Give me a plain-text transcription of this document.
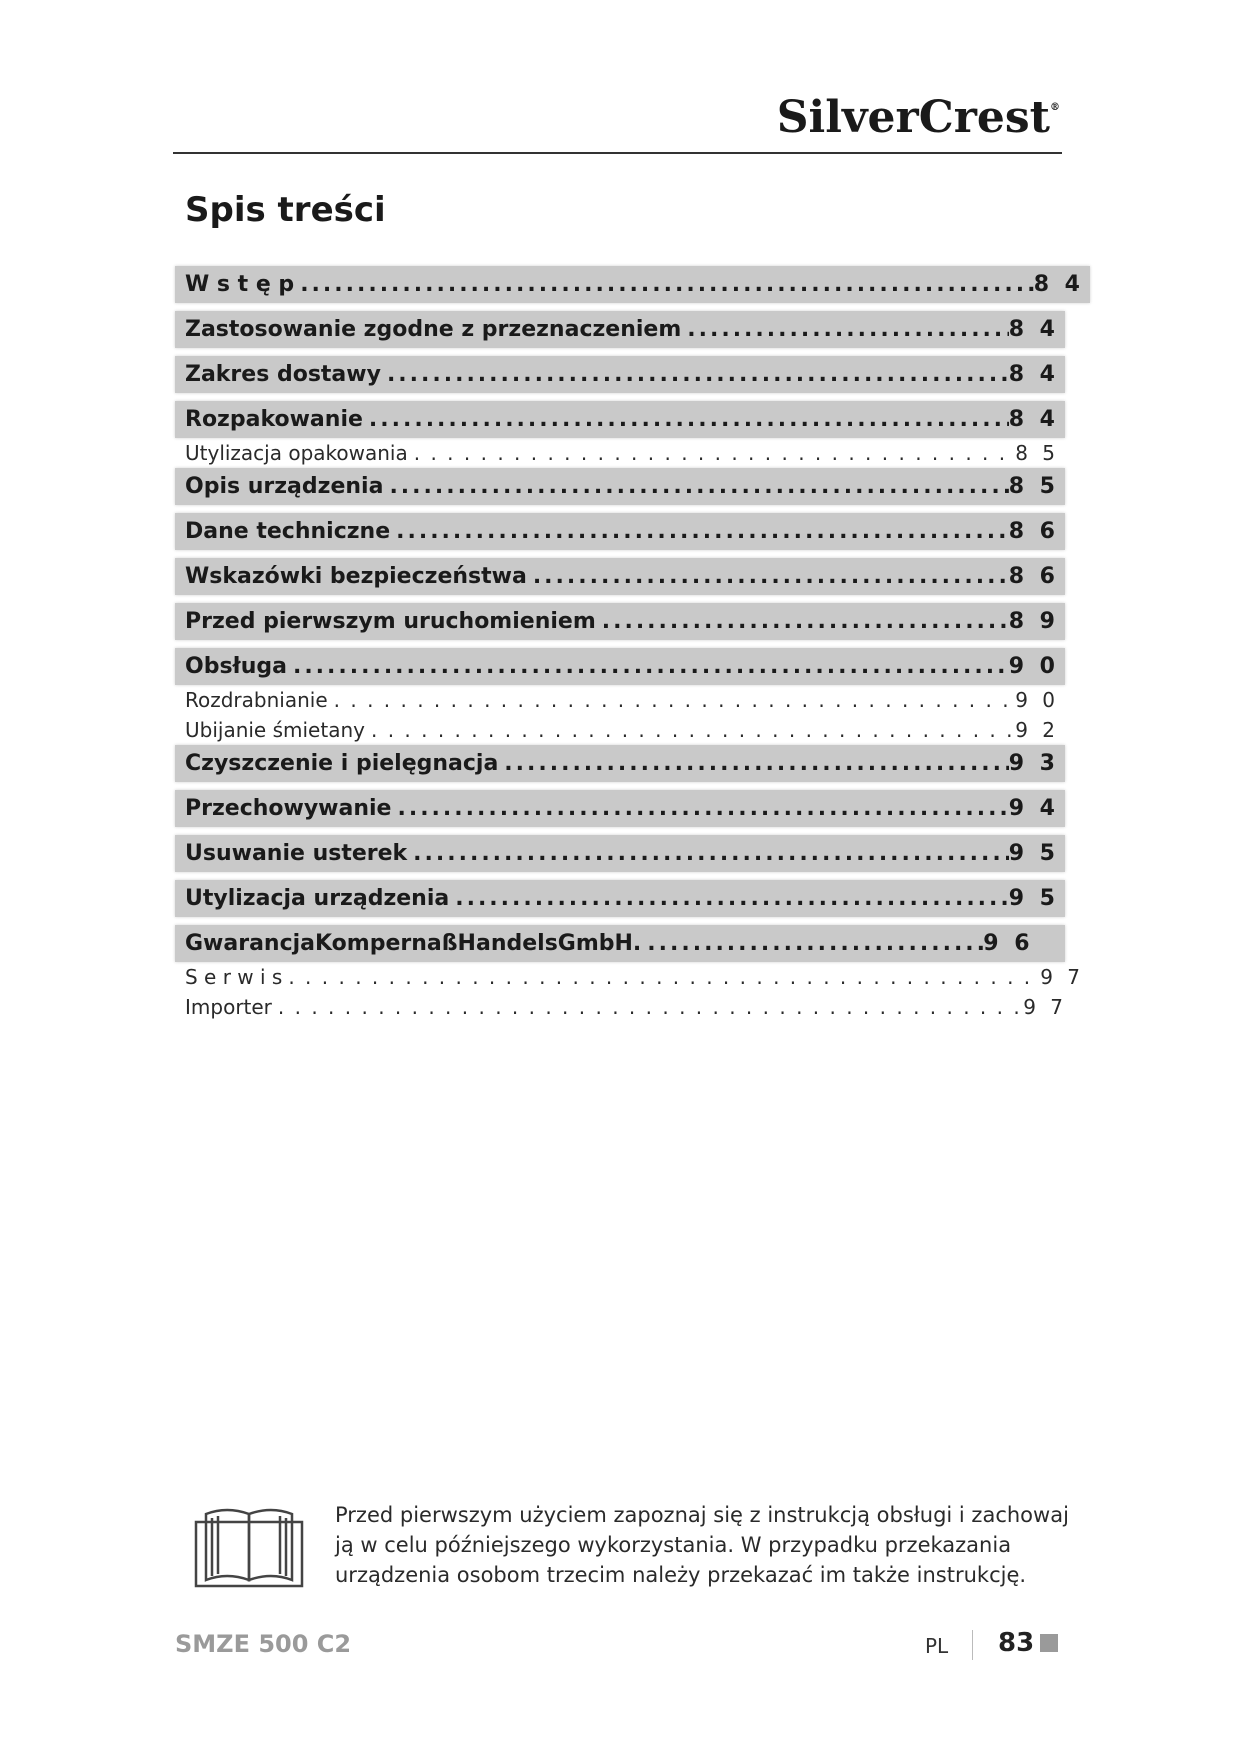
SilverCrest®
Spis treści
W s t ę p .....	8 4
Zastosowanie zgodne z przeznaczeniem .....	8 4
Zakres dostawy .....	8 4
Rozpakowanie .....	8 4
Utylizacja opakowania . . .	8 5
Opis urządzenia .....	8 5
Dane techniczne .....	8 6
Wskazówki bezpieczeństwa .....	8 6
Przed pierwszym uruchomieniem .....	8 9
Obsługa .....	9 0
Rozdrabnianie . . .	9 0
Ubijanie śmietany . . .	9 2
Czyszczenie i pielęgnacja .....	9 3
Przechowywanie .....	9 4
Usuwanie usterek .....	9 5
Utylizacja urządzenia .....	9 5
GwarancjaKompernaßHandelsGmbH. .....	9 6
S e r w i s . . .	9 7
Importer . . .	9 7

Przed pierwszym użyciem zapoznaj się z instrukcją obsługi i zachowaj ją w celu późniejszego wykorzystania. W przypadku przekazania urządzenia osobom trzecim należy przekazać im także instrukcję.

SMZE 500 C2	PL 83
